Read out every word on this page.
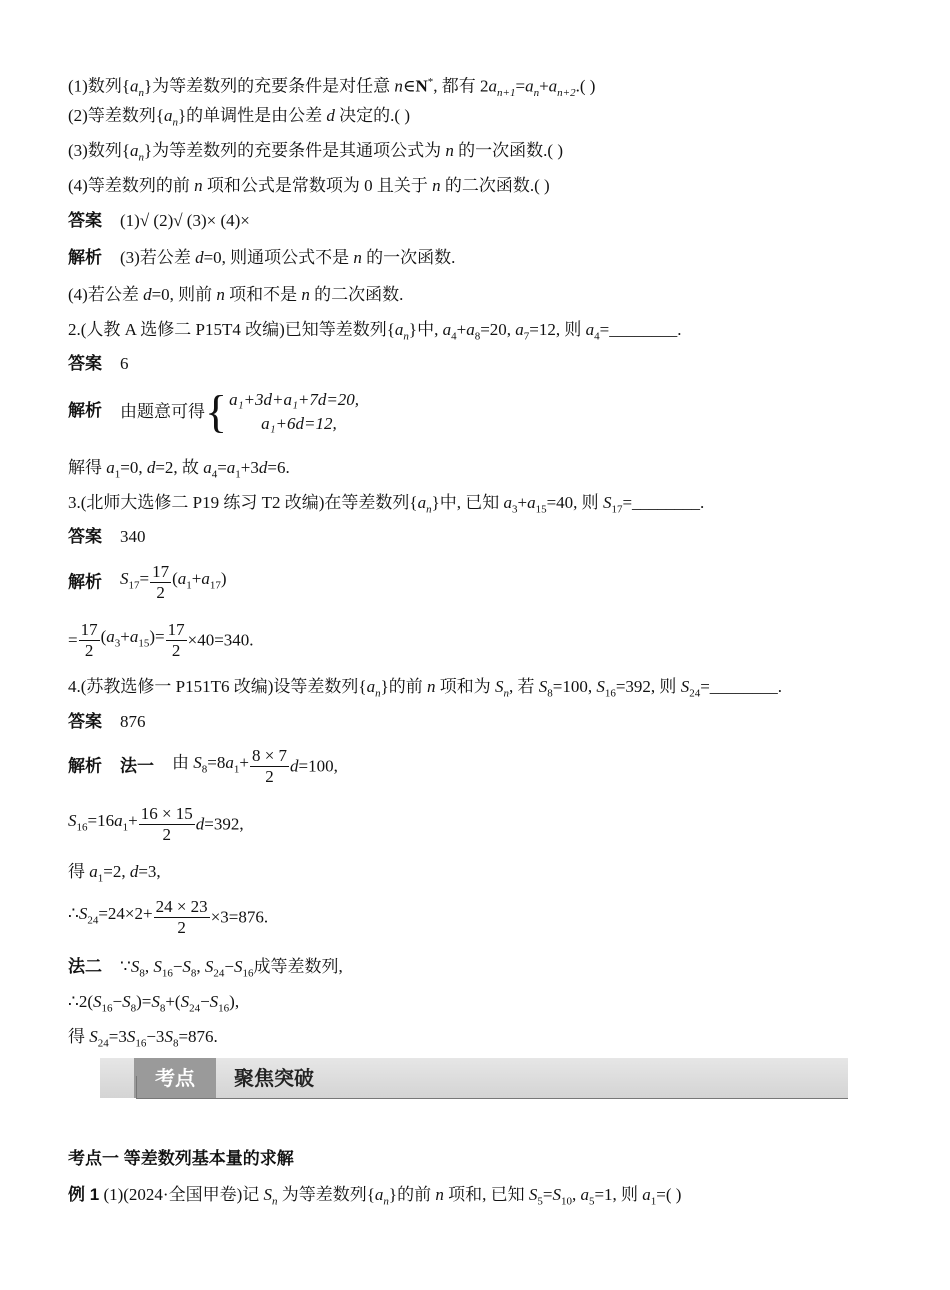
(1)数列$\{a_n\}$为等差数列的充要条件是对任意 n∈N*, 都有 $2a_{n+1}=a_n+a_{n+2}$.( )
(2)等差数列$\{a_n\}$的单调性是由公差 d 决定的.( )
(3)数列$\{a_n\}$为等差数列的充要条件是其通项公式为 n 的一次函数.( )
(4)等差数列的前 n 项和公式是常数项为 0 且关于 n 的二次函数.( )
答案 (1)√ (2)√ (3)× (4)×
解析 (3)若公差 d=0, 则通项公式不是 n 的一次函数.
(4)若公差 d=0, 则前 n 项和不是 n 的二次函数.
2.(人教 A 选修二 P15T4 改编)已知等差数列$\{a_n\}$中, $a_4+a_8=20$, $a_7=12$, 则 $a_4=\_\_\_\_\_\_\_\_$.
答案 6
解析 由题意可得{ a₁+3d+a₁+7d=20,
a₁+6d=12,
解得 $a_1=0$, d=2, 故 $a_4=a_1+3d=6$.
3.(北师大选修二 P19 练习 T2 改编)在等差数列$\{a_n\}$中, 已知 $a_3+a_{15}=40$, 则 $S_{17}=\_\_\_\_\_\_\_\_$.
答案 340
解析 $S_{17}= \frac{17}{2} (a_1+a_{17})$
= $\frac{17}{2} (a_3+a_{15})= \frac{17}{2} \times 40=340$.
4.(苏教选修一 P151T6 改编)设等差数列$\{a_n\}$的前 n 项和为 $S_n$, 若 $S_8=100$, $S_{16}=392$, 则 $S_{24}=\_\_\_\_\_\_\_\_$.
答案 876
解析 法一 由 $S_8=8a_1+ \frac{8 \times 7}{2} d=100$,
$S_{16}=16a_1+ \frac{16 \times 15}{2} d=392$,
得 $a_1=2$, d=3,
$\therefore S_{24}=24\times 2+ \frac{24 \times 23}{2} \times 3=876$.
法二 $\because S_8$, $S_{16}-S_8$, $S_{24}-S_{16}$成等差数列,
$\therefore 2(S_{16}-S_8)=S_8+(S_{24}-S_{16})$,
得 $S_{24}=3S_{16}-3S_8=876$.
考点	聚焦突破
考点一 等差数列基本量的求解
例 1 (1)(2024·全国甲卷)记 $S_n$ 为等差数列$\{a_n\}$的前 n 项和, 已知 $S_5=S_{10}$, $a_5=1$, 则 $a_1=$( )
